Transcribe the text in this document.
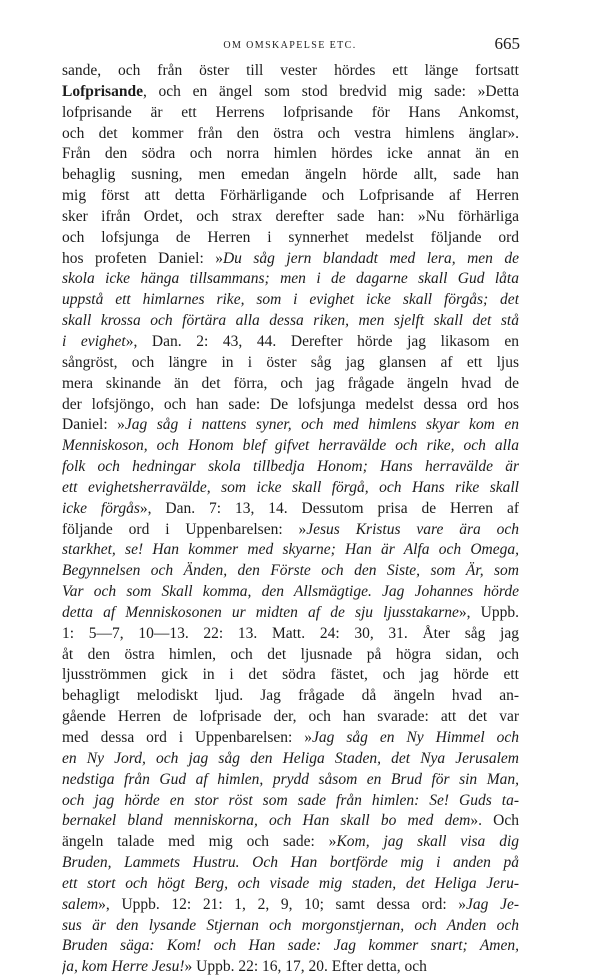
OM OMSKAPELSE ETC.	665
sande, och från öster till vester hördes ett länge fortsatt
Lofprisande, och en ängel som stod bredvid mig sade: »Detta
lofprisande är ett Herrens lofprisande för Hans Ankomst,
och det kommer från den östra och vestra himlens änglar».
Från den södra och norra himlen hördes icke annat än en
behaglig susning, men emedan ängeln hörde allt, sade han
mig först att detta Förhärligande och Lofprisande af Herren
sker ifrån Ordet, och strax derefter sade han: »Nu förhärliga
och lofsjunga de Herren i synnerhet medelst följande ord
hos profeten Daniel: »Du såg jern blandadt med lera, men de
skola icke hänga tillsammans; men i de dagarne skall Gud låta
uppstå ett himlarnes rike, som i evighet icke skall förgås; det
skall krossa och förtära alla dessa riken, men sjelft skall det stå
i evighet», Dan. 2: 43, 44. Derefter hörde jag likasom en
sångröst, och längre in i öster såg jag glansen af ett ljus
mera skinande än det förra, och jag frågade ängeln hvad de
der lofsjöngo, och han sade: De lofsjunga medelst dessa ord hos
Daniel: »Jag såg i nattens syner, och med himlens skyar kom en
Menniskoson, och Honom blef gifvet herravälde och rike, och alla
folk och hedningar skola tillbedja Honom; Hans herravälde är
ett evighetsherravälde, som icke skall förgå, och Hans rike skall
icke förgås», Dan. 7: 13, 14. Dessutom prisa de Herren af
följande ord i Uppenbarelsen: »Jesus Kristus vare ära och
starkhet, se! Han kommer med skyarne; Han är Alfa och Omega,
Begynnelsen och Änden, den Förste och den Siste, som Är, som
Var och som Skall komma, den Allsmägtige. Jag Johannes hörde
detta af Menniskosonen ur midten af de sju ljusstakarne», Uppb.
1: 5—7, 10—13. 22: 13. Matt. 24: 30, 31. Åter såg jag
åt den östra himlen, och det ljusnade på högra sidan, och
ljusströmmen gick in i det södra fästet, och jag hörde ett
behagligt melodiskt ljud. Jag frågade då ängeln hvad an-
gående Herren de lofprisade der, och han svarade: att det var
med dessa ord i Uppenbarelsen: »Jag såg en Ny Himmel och
en Ny Jord, och jag såg den Heliga Staden, det Nya Jerusalem
nedstiga från Gud af himlen, prydd såsom en Brud för sin Man,
och jag hörde en stor röst som sade från himlen: Se! Guds ta-
bernakel bland menniskorna, och Han skall bo med dem». Och
ängeln talade med mig och sade: »Kom, jag skall visa dig
Bruden, Lammets Hustru. Och Han bortförde mig i anden på
ett stort och högt Berg, och visade mig staden, det Heliga Jeru-
salem», Uppb. 12: 21: 1, 2, 9, 10; samt dessa ord: »Jag Je-
sus är den lysande Stjernan och morgonstjernan, och Anden och
Bruden säga: Kom! och Han sade: Jag kommer snart; Amen,
ja, kom Herre Jesu!» Uppb. 22: 16, 17, 20. Efter detta, och
